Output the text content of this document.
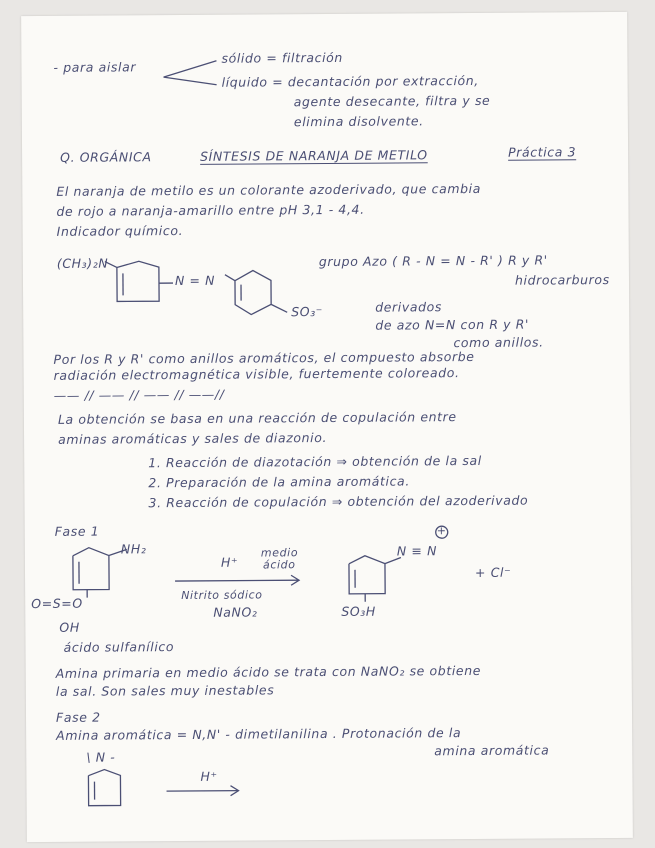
- para aislar
sólido = filtración
líquido = decantación por extracción,
agente desecante, filtra y se
elimina disolvente.
Q. ORGÁNICA	SÍNTESIS DE NARANJA DE METILO	Práctica 3
El naranja de metilo es un colorante azoderivado, que cambia
de rojo a naranja-amarillo entre pH 3,1 - 4,4.
Indicador químico.
(CH₃)₂N
N = N
SO₃⁻
grupo Azo ( R - N = N - R' ) R y R'
hidrocarburos
derivados
de azo N=N con R y R'
como anillos.
Por los R y R' como anillos aromáticos, el compuesto absorbe
radiación electromagnética visible, fuertemente coloreado.
—— // —— // —— // ——//
La obtención se basa en una reacción de copulación entre
aminas aromáticas y sales de diazonio.
1. Reacción de diazotación ⇒ obtención de la sal
2. Preparación de la amina aromática.
3. Reacción de copulación ⇒ obtención del azoderivado
Fase 1
NH₂
O=S=O
OH
H⁺
medio
ácido
Nitrito sódico
NaNO₂
N ≡ N
+
SO₃H
+ Cl⁻
ácido sulfanílico
Amina primaria en medio ácido se trata con NaNO₂ se obtiene
la sal. Son sales muy inestables
Fase 2
Amina aromática = N,N' - dimetilanilina . Protonación de la
amina aromática
\ N -
H⁺
